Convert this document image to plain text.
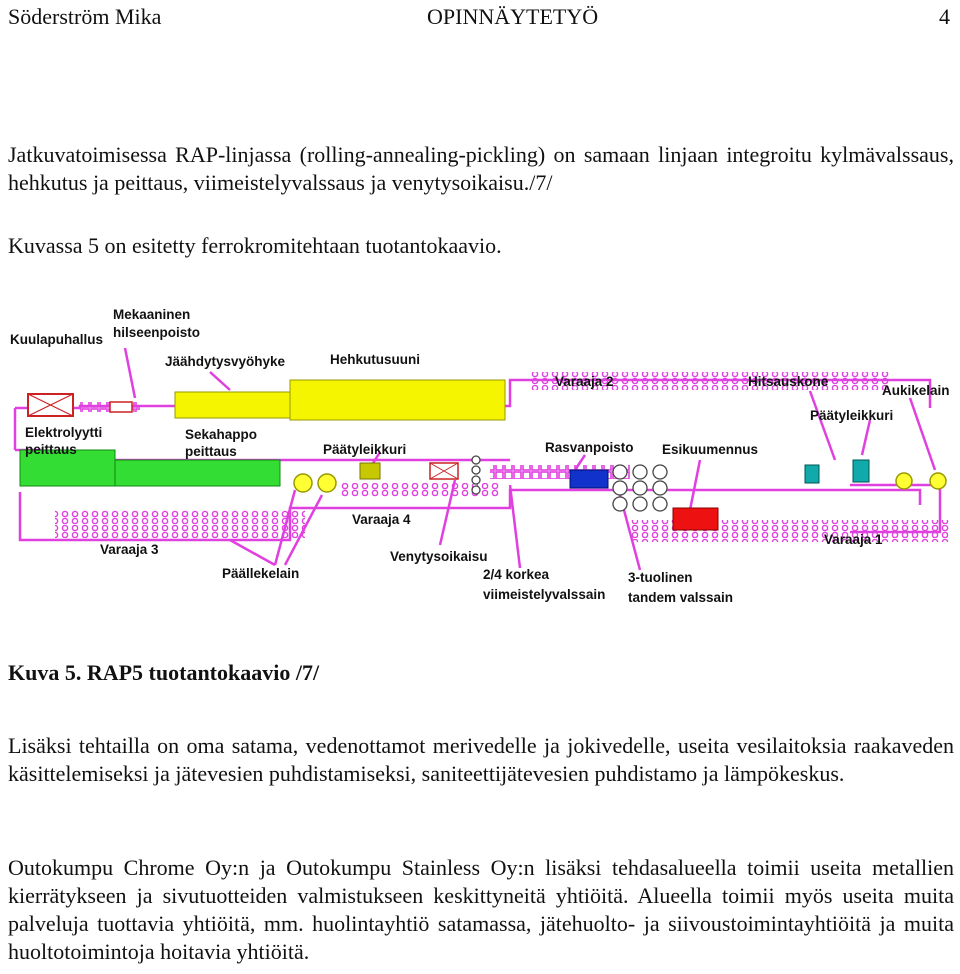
Söderström Mika	OPINNÄYTETYÖ	4

Jatkuvatoimisessa RAP-linjassa (rolling-annealing-pickling) on samaan linjaan integroitu kylmävalssaus, hehkutus ja peittaus, viimeistelyvalssaus ja venytysoikaisu./7/

Kuvassa 5 on esitetty ferrokromitehtaan tuotantokaavio.

Kuulapuhallus
Mekaaninen
hilseenpoisto
Jäähdytysvyöhyke	Hehkutusuuni
Varaaja 2	Hitsauskone
Aukikelain
Päätyleikkuri
Elektrolyytti
peittaus
Sekahappo
peittaus	Päätyleikkuri	Rasvanpoisto Esikuumennus
Varaaja 4
Varaaja 3
Varaaja 1
Venytysoikaisu
Päällekelain	2/4 korkea
viimeistelyvalssain
3-tuolinen
tandem valssain
Kuva 5. RAP5 tuotantokaavio /7/

Lisäksi tehtailla on oma satama, vedenottamot merivedelle ja jokivedelle, useita vesilaitoksia raakaveden käsittelemiseksi ja jätevesien puhdistamiseksi, saniteettijätevesien puhdistamo ja lämpökeskus.

Outokumpu Chrome Oy:n ja Outokumpu Stainless Oy:n lisäksi tehdasalueella toimii useita metallien kierrätykseen ja sivutuotteiden valmistukseen keskittyneitä yhtiöitä. Alueella toimii myös useita muita palveluja tuottavia yhtiöitä, mm. huolintayhtiö satamassa, jätehuolto- ja siivoustoimintayhtiöitä ja muita huoltotoimintoja hoitavia yhtiöitä.
